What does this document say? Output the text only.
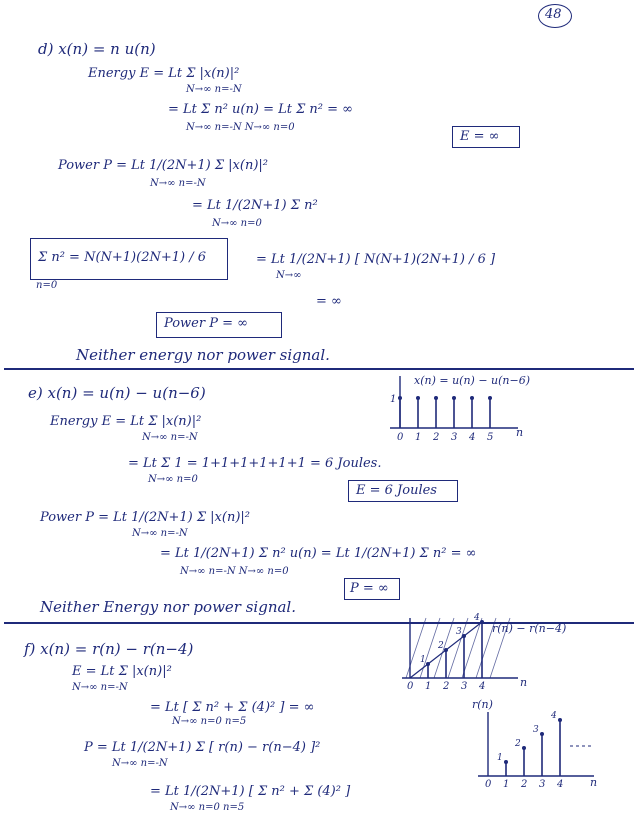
48
d) x(n) = n u(n)
Energy E = Lt Σ |x(n)|²
N→∞ n=-N
= Lt Σ n² u(n) = Lt Σ n² = ∞
N→∞ n=-N N→∞ n=0
E = ∞
Power P = Lt 1/(2N+1) Σ |x(n)|²
N→∞ n=-N
= Lt 1/(2N+1) Σ n²
N→∞ n=0
Σ n² = N(N+1)(2N+1) / 6
n=0
= Lt 1/(2N+1) [ N(N+1)(2N+1) / 6 ]
N→∞
= ∞
Power P = ∞
Neither energy nor power signal.
e) x(n) = u(n) − u(n−6)
x(n) = u(n) − u(n−6)
n
1
0 1 2 3 4 5
Energy E = Lt Σ |x(n)|²
N→∞ n=-N
= Lt Σ 1 = 1+1+1+1+1+1 = 6 Joules.
N→∞ n=0
E = 6 Joules
Power P = Lt 1/(2N+1) Σ |x(n)|²
N→∞ n=-N
= Lt 1/(2N+1) Σ n² u(n) = Lt 1/(2N+1) Σ n² = ∞
N→∞ n=-N N→∞ n=0
P = ∞
Neither Energy nor power signal.
f) x(n) = r(n) − r(n−4)
r(n) − r(n−4)
n
0
1
1
2
2
3
3
4
4
E = Lt Σ |x(n)|²
N→∞ n=-N
= Lt [ Σ n² + Σ (4)² ] = ∞
N→∞ n=0 n=5
r(n)
n
0
1
1
2
2
3
3
4
4
P = Lt 1/(2N+1) Σ [ r(n) − r(n−4) ]²
N→∞ n=-N
= Lt 1/(2N+1) [ Σ n² + Σ (4)² ]
N→∞ n=0 n=5
